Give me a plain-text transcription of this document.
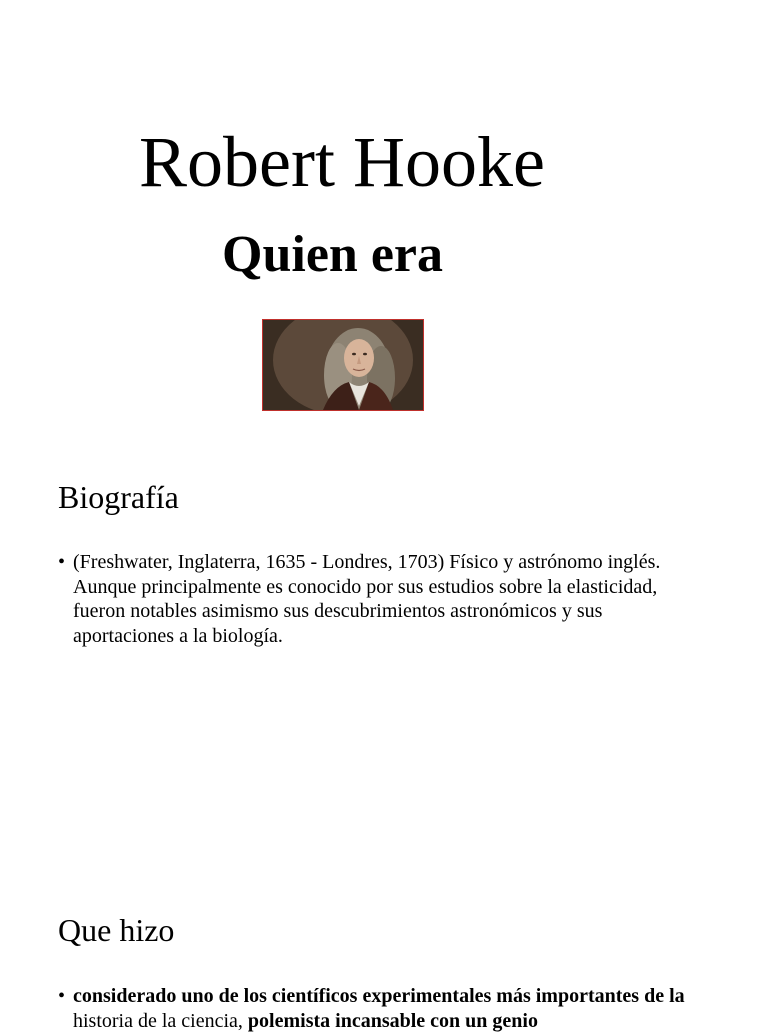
Robert Hooke
Quien era
Biografía

• (Freshwater, Inglaterra, 1635 - Londres, 1703) Físico y astrónomo inglés. Aunque principalmente es conocido por sus estudios sobre la elasticidad, fueron notables asimismo sus descubrimientos astronómicos y sus aportaciones a la biología.

Que hizo

• considerado uno de los científicos experimentales más importantes de la historia de la ciencia, polemista incansable con un genio
